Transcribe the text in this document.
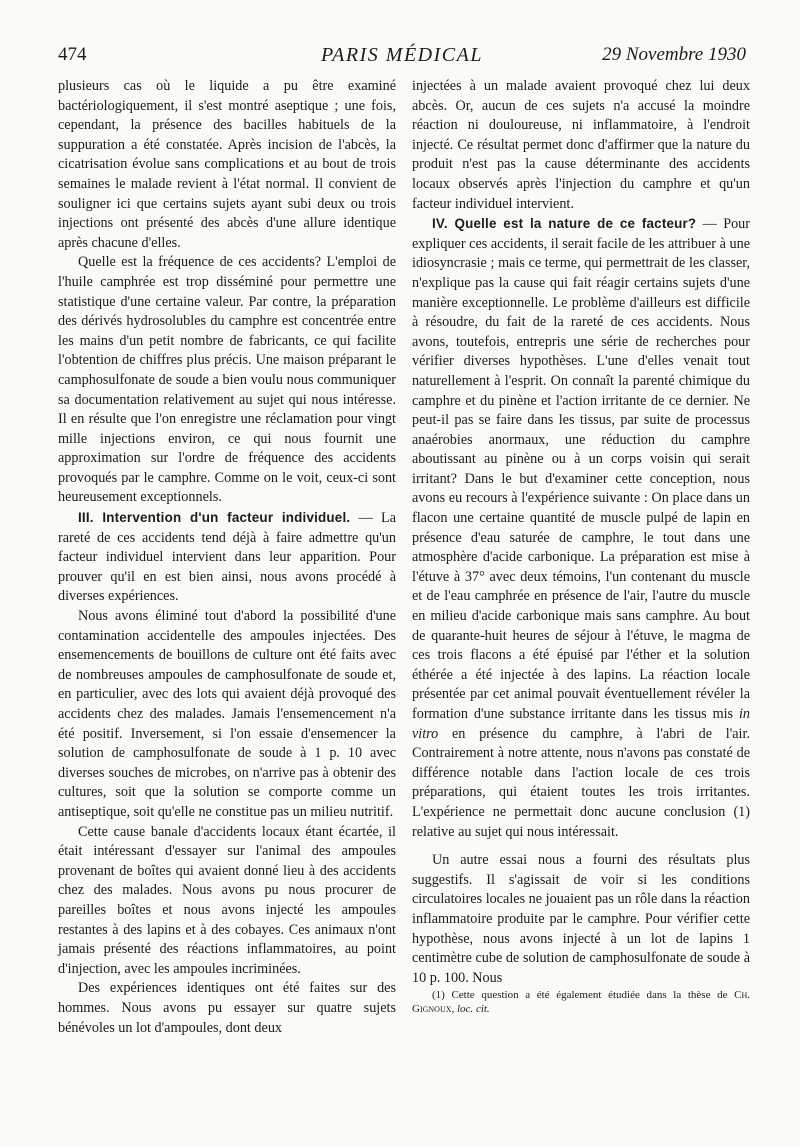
474	PARIS MÉDICAL	29 Novembre 1930

plusieurs cas où le liquide a pu être examiné bactériologiquement, il s'est montré aseptique ; une fois, cependant, la présence des bacilles habituels de la suppuration a été constatée. Après incision de l'abcès, la cicatrisation évolue sans complications et au bout de trois semaines le malade revient à l'état normal. Il convient de souligner ici que certains sujets ayant subi deux ou trois injections ont présenté des abcès d'une allure identique après chacune d'elles.

Quelle est la fréquence de ces accidents? L'emploi de l'huile camphrée est trop disséminé pour permettre une statistique d'une certaine valeur. Par contre, la préparation des dérivés hydrosolubles du camphre est concentrée entre les mains d'un petit nombre de fabricants, ce qui facilite l'obtention de chiffres plus précis. Une maison préparant le camphosulfonate de soude a bien voulu nous communiquer sa documentation relativement au sujet qui nous intéresse. Il en résulte que l'on enregistre une réclamation pour vingt mille injections environ, ce qui nous fournit une approximation sur l'ordre de fréquence des accidents provoqués par le camphre. Comme on le voit, ceux-ci sont heureusement exceptionnels.

III. Intervention d'un facteur individuel. — La rareté de ces accidents tend déjà à faire admettre qu'un facteur individuel intervient dans leur apparition. Pour prouver qu'il en est bien ainsi, nous avons procédé à diverses expériences.

Nous avons éliminé tout d'abord la possibilité d'une contamination accidentelle des ampoules injectées. Des ensemencements de bouillons de culture ont été faits avec de nombreuses ampoules de camphosulfonate de soude et, en particulier, avec des lots qui avaient déjà provoqué des accidents chez des malades. Jamais l'ensemencement n'a été positif. Inversement, si l'on essaie d'ensemencer la solution de camphosulfonate de soude à 1 p. 10 avec diverses souches de microbes, on n'arrive pas à obtenir des cultures, soit que la solution se comporte comme un antiseptique, soit qu'elle ne constitue pas un milieu nutritif.

Cette cause banale d'accidents locaux étant écartée, il était intéressant d'essayer sur l'animal des ampoules provenant de boîtes qui avaient donné lieu à des accidents chez des malades. Nous avons pu nous procurer de pareilles boîtes et nous avons injecté les ampoules restantes à des lapins et à des cobayes. Ces animaux n'ont jamais présenté des réactions inflammatoires, au point d'injection, avec les ampoules incriminées.

Des expériences identiques ont été faites sur des hommes. Nous avons pu essayer sur quatre sujets bénévoles un lot d'ampoules, dont deux

injectées à un malade avaient provoqué chez lui deux abcès. Or, aucun de ces sujets n'a accusé la moindre réaction ni douloureuse, ni inflammatoire, à l'endroit injecté. Ce résultat permet donc d'affirmer que la nature du produit n'est pas la cause déterminante des accidents locaux observés après l'injection du camphre et qu'un facteur individuel intervient.

IV. Quelle est la nature de ce facteur? — Pour expliquer ces accidents, il serait facile de les attribuer à une idiosyncrasie ; mais ce terme, qui permettrait de les classer, n'explique pas la cause qui fait réagir certains sujets d'une manière exceptionnelle. Le problème d'ailleurs est difficile à résoudre, du fait de la rareté de ces accidents. Nous avons, toutefois, entrepris une série de recherches pour vérifier diverses hypothèses. L'une d'elles venait tout naturellement à l'esprit. On connaît la parenté chimique du camphre et du pinène et l'action irritante de ce dernier. Ne peut-il pas se faire dans les tissus, par suite de processus anaérobies anormaux, une réduction du camphre aboutissant au pinène ou à un corps voisin qui serait irritant? Dans le but d'examiner cette conception, nous avons eu recours à l'expérience suivante : On place dans un flacon une certaine quantité de muscle pulpé de lapin en présence d'eau saturée de camphre, le tout dans une atmosphère d'acide carbonique. La préparation est mise à l'étuve à 37° avec deux témoins, l'un contenant du muscle et de l'eau camphrée en présence de l'air, l'autre du muscle en milieu d'acide carbonique mais sans camphre. Au bout de quarante-huit heures de séjour à l'étuve, le magma de ces trois flacons a été épuisé par l'éther et la solution éthérée a été injectée à des lapins. La réaction locale présentée par cet animal pouvait éventuellement révéler la formation d'une substance irritante dans les tissus mis in vitro en présence du camphre, à l'abri de l'air. Contrairement à notre attente, nous n'avons pas constaté de différence notable dans l'action locale de ces trois préparations, qui étaient toutes les trois irritantes. L'expérience ne permettait donc aucune conclusion (1) relative au sujet qui nous intéressait.

Un autre essai nous a fourni des résultats plus suggestifs. Il s'agissait de voir si les conditions circulatoires locales ne jouaient pas un rôle dans la réaction inflammatoire produite par le camphre. Pour vérifier cette hypothèse, nous avons injecté à un lot de lapins 1 centimètre cube de solution de camphosulfonate de soude à 10 p. 100. Nous

(1) Cette question a été également étudiée dans la thèse de Ch. Gignoux, loc. cit.
